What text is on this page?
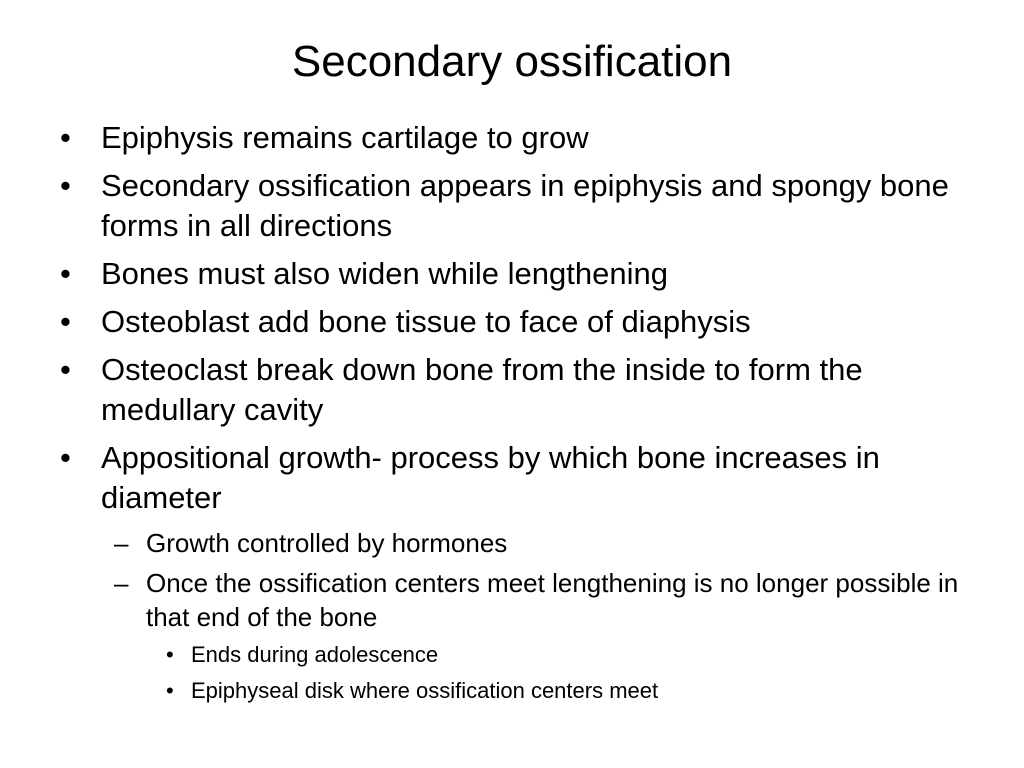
Secondary ossification
• Epiphysis remains cartilage to grow
• Secondary ossification appears in epiphysis and spongy bone forms in all directions
• Bones must also widen while lengthening
• Osteoblast add bone tissue to face of diaphysis
• Osteoclast break down bone from the inside to form the medullary cavity
• Appositional growth- process by which bone increases in diameter
– Growth controlled by hormones
– Once the ossification centers meet lengthening is no longer possible in that end of the bone
• Ends during adolescence
• Epiphyseal disk where ossification centers meet
